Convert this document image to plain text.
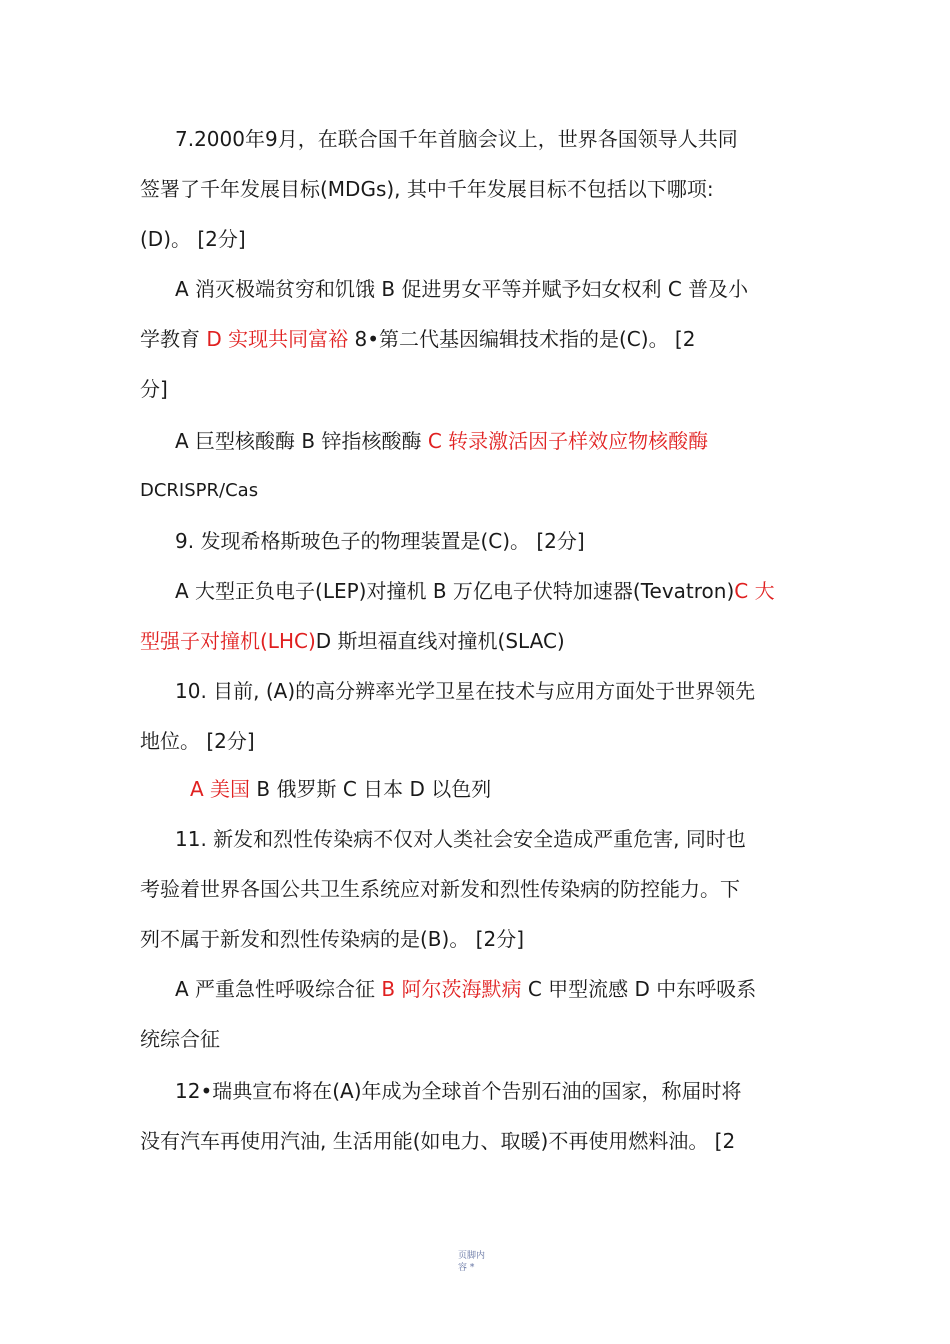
7.2000年9月，在联合国千年首脑会议上，世界各国领导人共同
签署了千年发展目标(MDGs), 其中千年发展目标不包括以下哪项:
(D)。 [2分]
A 消灭极端贫穷和饥饿 B 促进男女平等并赋予妇女权利 C 普及小
学教育 D 实现共同富裕 8•第二代基因编辑技术指的是(C)。 [2
分]
A 巨型核酸酶 B 锌指核酸酶 C 转录激活因子样效应物核酸酶
DCRISPR/Cas
9. 发现希格斯玻色子的物理装置是(C)。 [2分]
A 大型正负电子(LEP)对撞机 B 万亿电子伏特加速器(Tevatron)C 大
型强子对撞机(LHC)D 斯坦福直线对撞机(SLAC)
10. 目前, (A)的高分辨率光学卫星在技术与应用方面处于世界领先
地位。 [2分]
A 美国 B 俄罗斯 C 日本 D 以色列
11. 新发和烈性传染病不仅对人类社会安全造成严重危害, 同时也
考验着世界各国公共卫生系统应对新发和烈性传染病的防控能力。下
列不属于新发和烈性传染病的是(B)。 [2分]
A 严重急性呼吸综合征 B 阿尔茨海默病 C 甲型流感 D 中东呼吸系
统综合征
12•瑞典宣布将在(A)年成为全球首个告别石油的国家，称届时将
没有汽车再使用汽油, 生活用能(如电力、取暖)不再使用燃料油。 [2
页脚内
容 *
